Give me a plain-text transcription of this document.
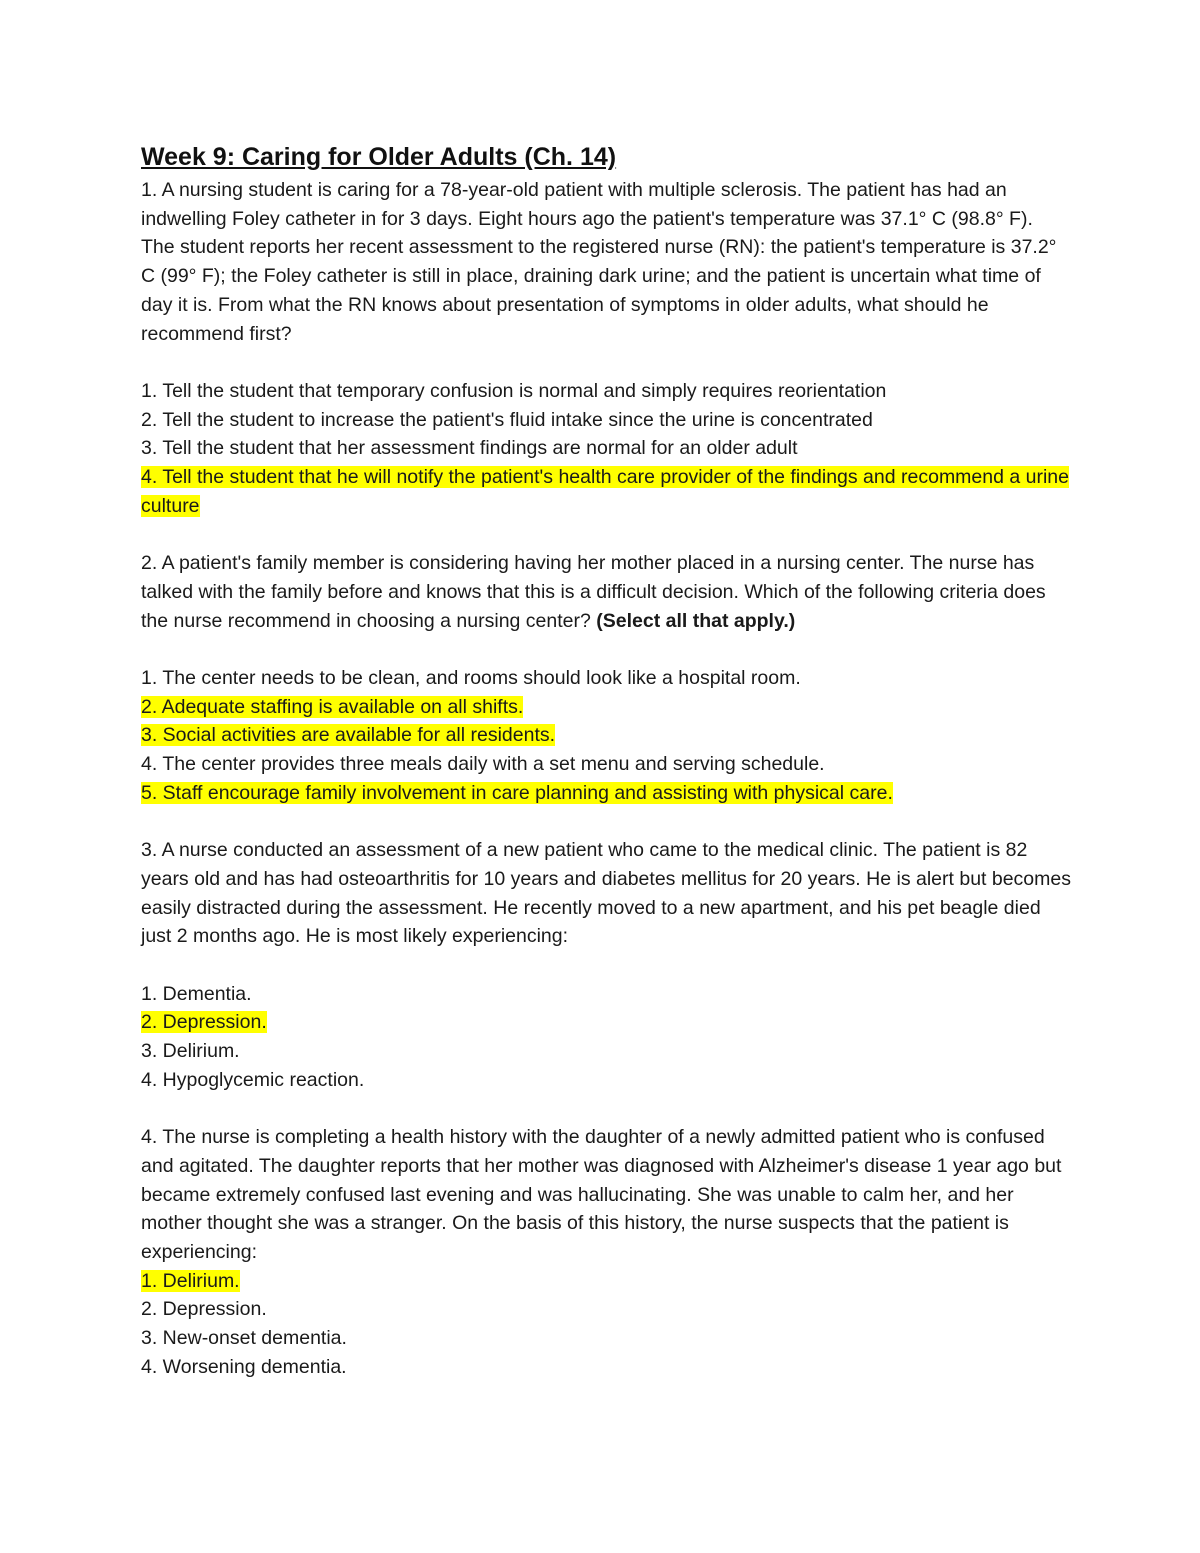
Week 9: Caring for Older Adults (Ch. 14)

1. A nursing student is caring for a 78-year-old patient with multiple sclerosis. The patient has had an indwelling Foley catheter in for 3 days. Eight hours ago the patient's temperature was 37.1° C (98.8° F). The student reports her recent assessment to the registered nurse (RN): the patient's temperature is 37.2° C (99° F); the Foley catheter is still in place, draining dark urine; and the patient is uncertain what time of day it is. From what the RN knows about presentation of symptoms in older adults, what should he recommend first?

1. Tell the student that temporary confusion is normal and simply requires reorientation

2. Tell the student to increase the patient's fluid intake since the urine is concentrated

3. Tell the student that her assessment findings are normal for an older adult

4. Tell the student that he will notify the patient's health care provider of the findings and recommend a urine culture

2. A patient's family member is considering having her mother placed in a nursing center. The nurse has talked with the family before and knows that this is a difficult decision. Which of the following criteria does the nurse recommend in choosing a nursing center? (Select all that apply.)

1. The center needs to be clean, and rooms should look like a hospital room.

2. Adequate staffing is available on all shifts.

3. Social activities are available for all residents.

4. The center provides three meals daily with a set menu and serving schedule.

5. Staff encourage family involvement in care planning and assisting with physical care.

3. A nurse conducted an assessment of a new patient who came to the medical clinic. The patient is 82 years old and has had osteoarthritis for 10 years and diabetes mellitus for 20 years. He is alert but becomes easily distracted during the assessment. He recently moved to a new apartment, and his pet beagle died just 2 months ago. He is most likely experiencing:

1. Dementia.

2. Depression.

3. Delirium.

4. Hypoglycemic reaction.

4. The nurse is completing a health history with the daughter of a newly admitted patient who is confused and agitated. The daughter reports that her mother was diagnosed with Alzheimer's disease 1 year ago but became extremely confused last evening and was hallucinating. She was unable to calm her, and her mother thought she was a stranger. On the basis of this history, the nurse suspects that the patient is experiencing:

1. Delirium.

2. Depression.

3. New-onset dementia.

4. Worsening dementia.
